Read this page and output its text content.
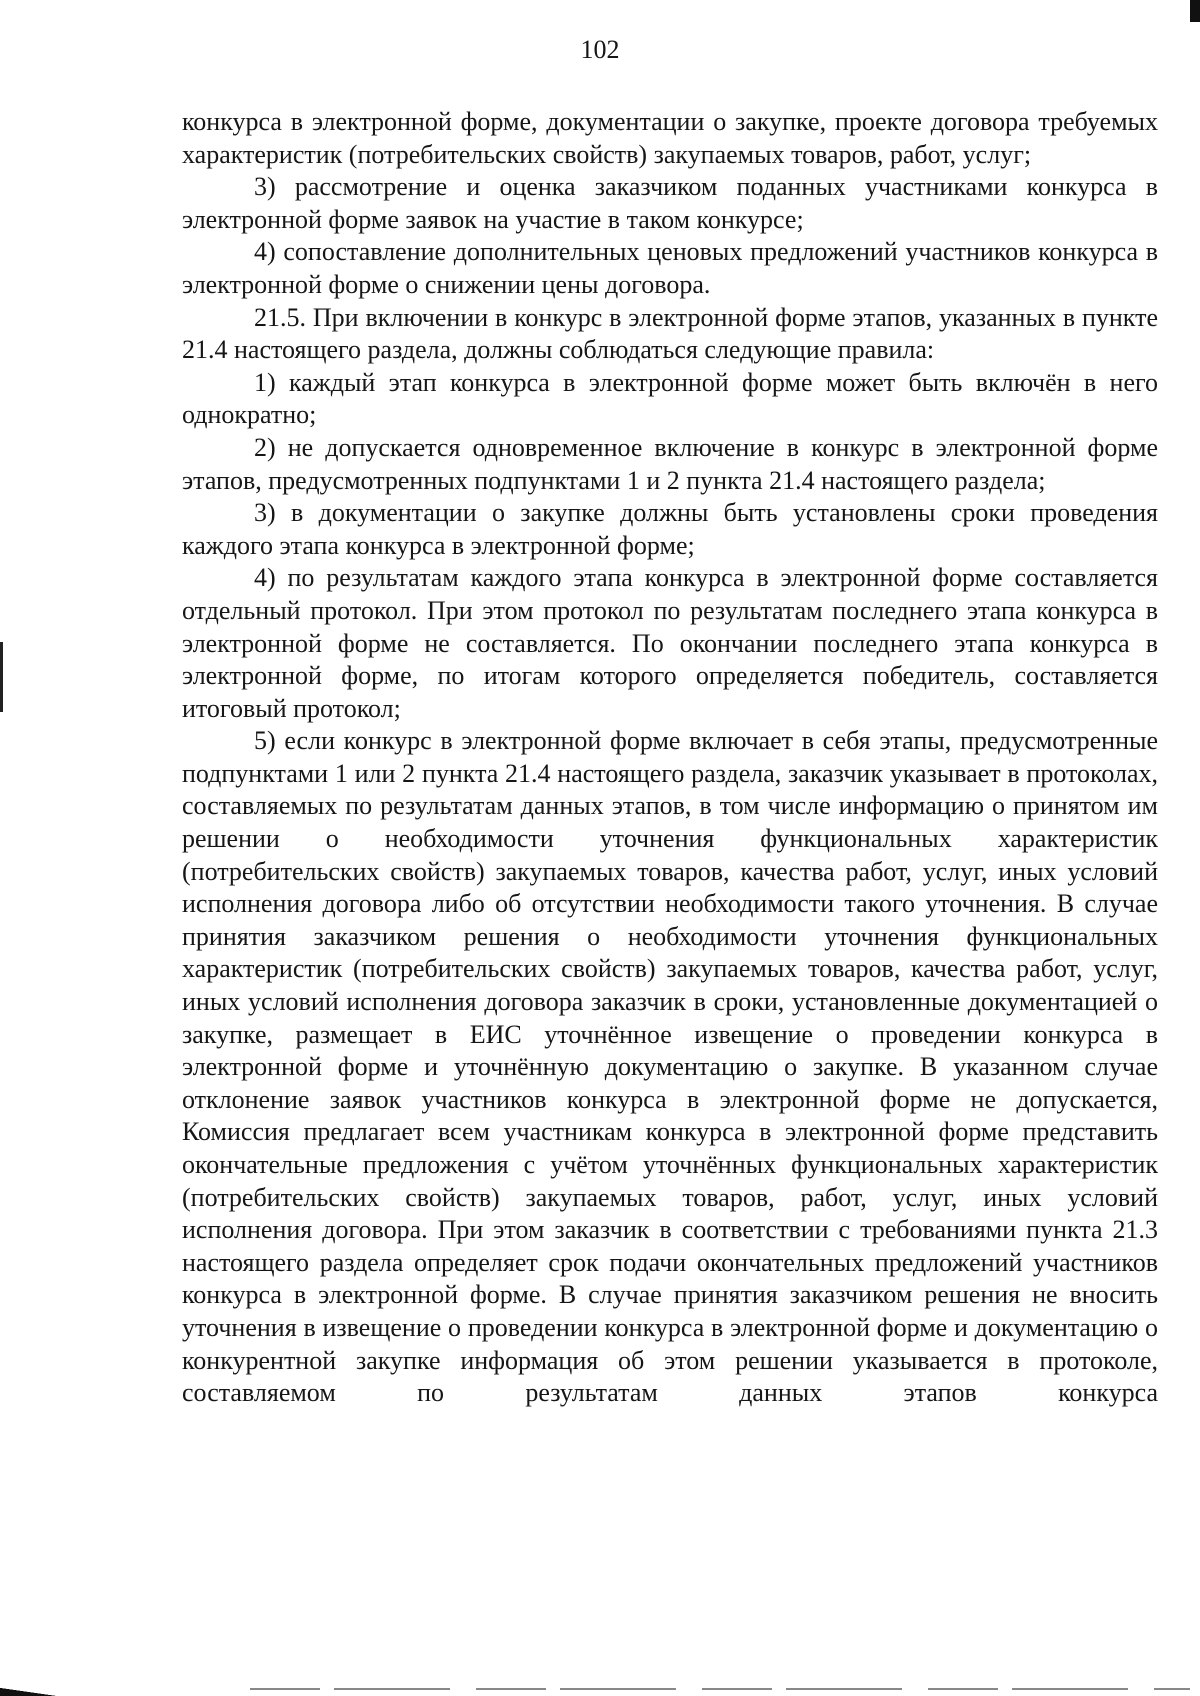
102

конкурса в электронной форме, документации о закупке, проекте договора требуемых характеристик (потребительских свойств) закупаемых товаров, работ, услуг;

3) рассмотрение и оценка заказчиком поданных участниками конкурса в электронной форме заявок на участие в таком конкурсе;

4) сопоставление дополнительных ценовых предложений участников конкурса в электронной форме о снижении цены договора.

21.5. При включении в конкурс в электронной форме этапов, указанных в пункте 21.4 настоящего раздела, должны соблюдаться следующие правила:

1) каждый этап конкурса в электронной форме может быть включён в него однократно;

2) не допускается одновременное включение в конкурс в электронной форме этапов, предусмотренных подпунктами 1 и 2 пункта 21.4 настоящего раздела;

3) в документации о закупке должны быть установлены сроки проведения каждого этапа конкурса в электронной форме;

4) по результатам каждого этапа конкурса в электронной форме составляется отдельный протокол. При этом протокол по результатам последнего этапа конкурса в электронной форме не составляется. По окончании последнего этапа конкурса в электронной форме, по итогам которого определяется победитель, составляется итоговый протокол;

5) если конкурс в электронной форме включает в себя этапы, предусмотренные подпунктами 1 или 2 пункта 21.4 настоящего раздела, заказчик указывает в протоколах, составляемых по результатам данных этапов, в том числе информацию о принятом им решении о необходимости уточнения функциональных характеристик (потребительских свойств) закупаемых товаров, качества работ, услуг, иных условий исполнения договора либо об отсутствии необходимости такого уточнения. В случае принятия заказчиком решения о необходимости уточнения функциональных характеристик (потребительских свойств) закупаемых товаров, качества работ, услуг, иных условий исполнения договора заказчик в сроки, установленные документацией о закупке, размещает в ЕИС уточнённое извещение о проведении конкурса в электронной форме и уточнённую документацию о закупке. В указанном случае отклонение заявок участников конкурса в электронной форме не допускается, Комиссия предлагает всем участникам конкурса в электронной форме представить окончательные предложения с учётом уточнённых функциональных характеристик (потребительских свойств) закупаемых товаров, работ, услуг, иных условий исполнения договора. При этом заказчик в соответствии с требованиями пункта 21.3 настоящего раздела определяет срок подачи окончательных предложений участников конкурса в электронной форме. В случае принятия заказчиком решения не вносить уточнения в извещение о проведении конкурса в электронной форме и документацию о конкурентной закупке информация об этом решении указывается в протоколе, составляемом по результатам данных этапов конкурса
